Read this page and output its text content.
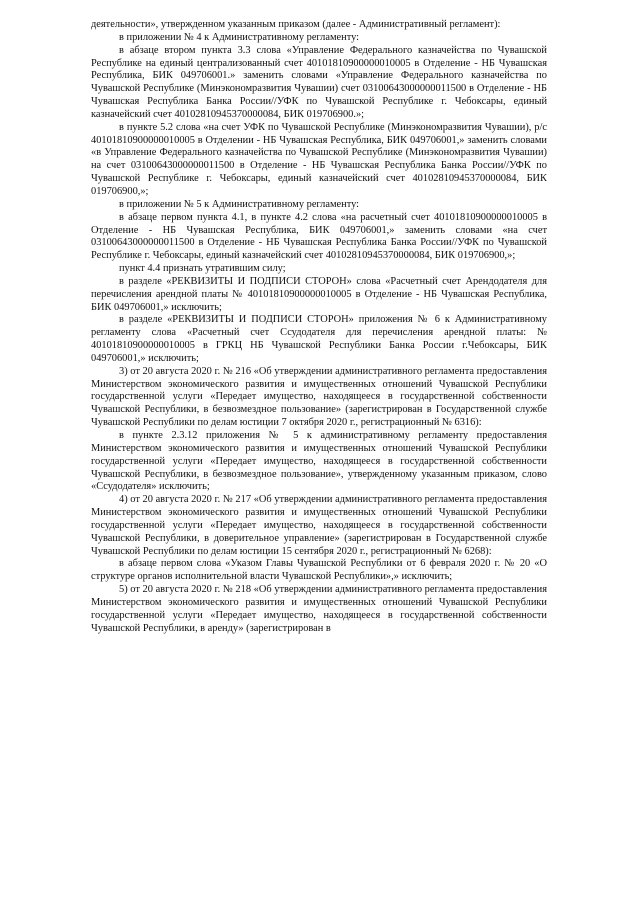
деятельности», утвержденном указанным приказом (далее - Административный регламент):

в приложении № 4 к Административному регламенту:

в абзаце втором пункта 3.3 слова «Управление Федерального казначейства по Чувашской Республике на единый централизованный счет 40101810900000010005 в Отделение - НБ Чувашская Республика, БИК 049706001.» заменить словами «Управление Федерального казначейства по Чувашской Республике (Минэкономразвития Чувашии) счет 03100643000000011500 в Отделение - НБ Чувашская Республика Банка России//УФК по Чувашской Республике г. Чебоксары, единый казначейский счет 40102810945370000084, БИК 019706900.»;

в пункте 5.2 слова «на счет УФК по Чувашской Республике (Минэкономразвития Чувашии), р/с 40101810900000010005 в Отделении - НБ Чувашская Республика, БИК 049706001,» заменить словами «в Управление Федерального казначейства по Чувашской Республике (Минэкономразвития Чувашии) на счет 03100643000000011500 в Отделение - НБ Чувашская Республика Банка России//УФК по Чувашской Республике г. Чебоксары, единый казначейский счет 40102810945370000084, БИК 019706900,»;

в приложении № 5 к Административному регламенту:

в абзаце первом пункта 4.1, в пункте 4.2 слова «на расчетный счет 40101810900000010005 в Отделение - НБ Чувашская Республика, БИК 049706001,» заменить словами «на счет 03100643000000011500 в Отделение - НБ Чувашская Республика Банка России//УФК по Чувашской Республике г. Чебоксары, единый казначейский счет 40102810945370000084, БИК 019706900,»;

пункт 4.4 признать утратившим силу;

в разделе «РЕКВИЗИТЫ И ПОДПИСИ СТОРОН» слова «Расчетный счет Арендодателя для перечисления арендной платы № 40101810900000010005 в Отделение - НБ Чувашская Республика, БИК 049706001,» исключить;

в разделе «РЕКВИЗИТЫ И ПОДПИСИ СТОРОН» приложения № 6 к Административному регламенту слова «Расчетный счет Ссудодателя для перечисления арендной платы: № 40101810900000010005 в ГРКЦ НБ Чувашской Республики Банка России г.Чебоксары, БИК 049706001,» исключить;

3) от 20 августа 2020 г. № 216 «Об утверждении административного регламента предоставления Министерством экономического развития и имущественных отношений Чувашской Республики государственной услуги «Передает имущество, находящееся в государственной собственности Чувашской Республики, в безвозмездное пользование» (зарегистрирован в Государственной службе Чувашской Республики по делам юстиции 7 октября 2020 г., регистрационный № 6316):

в пункте 2.3.12 приложения № 5 к административному регламенту предоставления Министерством экономического развития и имущественных отношений Чувашской Республики государственной услуги «Передает имущество, находящееся в государственной собственности Чувашской Республики, в безвозмездное пользование», утвержденному указанным приказом, слово «Ссудодателя» исключить;

4) от 20 августа 2020 г. № 217 «Об утверждении административного регламента предоставления Министерством экономического развития и имущественных отношений Чувашской Республики государственной услуги «Передает имущество, находящееся в государственной собственности Чувашской Республики, в доверительное управление» (зарегистрирован в Государственной службе Чувашской Республики по делам юстиции 15 сентября 2020 г., регистрационный № 6268):

в абзаце первом слова «Указом Главы Чувашской Республики от 6 февраля 2020 г. № 20 «О структуре органов исполнительной власти Чувашской Республики»,» исключить;

5) от 20 августа 2020 г. № 218 «Об утверждении административного регламента предоставления Министерством экономического развития и имущественных отношений Чувашской Республики государственной услуги «Передает имущество, находящееся в государственной собственности Чувашской Республики, в аренду» (зарегистрирован в
